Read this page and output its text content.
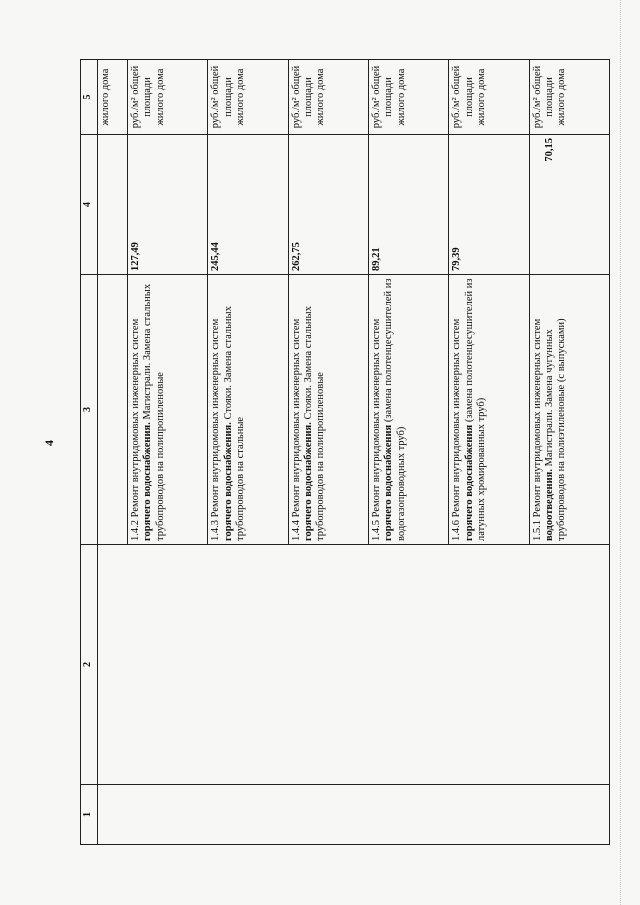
4
1	2	3	4	5
				жилого дома
		1.4.2 Ремонт внутридомовых инженерных систем горячего водоснабжения. Магистрали. Замена стальных трубопроводов на полипропиленовые	127,49	руб./м² общей площади жилого дома
		1.4.3 Ремонт внутридомовых инженерных систем горячего водоснабжения. Стояки. Замена стальных трубопроводов на стальные	245,44	руб./м² общей площади жилого дома
		1.4.4 Ремонт внутридомовых инженерных систем горячего водоснабжения. Стояки. Замена стальных трубопроводов на полипропиленовые	262,75	руб./м² общей площади жилого дома
		1.4.5 Ремонт внутридомовых инженерных систем горячего водоснабжения (замена полотенцесушителей из водогазопроводных труб)	89,21	руб./м² общей площади жилого дома
		1.4.6 Ремонт внутридомовых инженерных систем горячего водоснабжения (замена полотенцесушителей из латунных хромированных труб)	79,39	руб./м² общей площади жилого дома
		1.5.1 Ремонт внутридомовых инженерных систем водоотведения. Магистрали. Замена чугунных трубопроводов на полиэтиленовые (с выпусками)	70,15	руб./м² общей площади жилого дома
